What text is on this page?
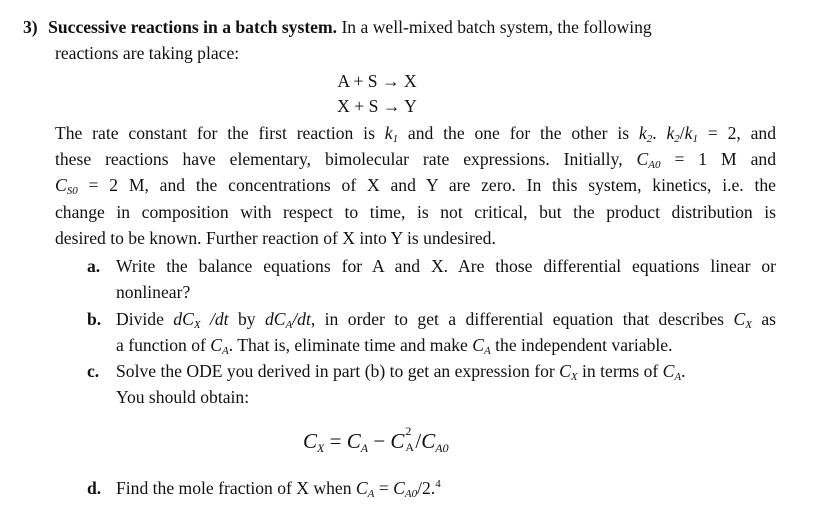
3) Successive reactions in a batch system. In a well-mixed batch system, the following
reactions are taking place:
A + S → X
X + S → Y
The rate constant for the first reaction is $k_1$ and the one for the other is $k_2$. $k_2/k_1 = 2$, and
these reactions have elementary, bimolecular rate expressions. Initially, $C_{A0} = 1$ M and
$C_{S0} = 2$ M, and the concentrations of X and Y are zero. In this system, kinetics, i.e. the
change in composition with respect to time, is not critical, but the product distribution is
desired to be known. Further reaction of X into Y is undesired.
a. Write the balance equations for A and X. Are those differential equations linear or
nonlinear?
b. Divide $dC_X$ /dt by $dC_A/dt$, in order to get a differential equation that describes $C_X$ as
a function of $C_A$. That is, eliminate time and make $C_A$ the independent variable.
c. Solve the ODE you derived in part (b) to get an expression for $C_X$ in terms of $C_A$.
You should obtain:
$C_X = C_A - C$ 2
A $/C_{A0}$
d. Find the mole fraction of X when $C_A = C_{A0}/2.^4$
